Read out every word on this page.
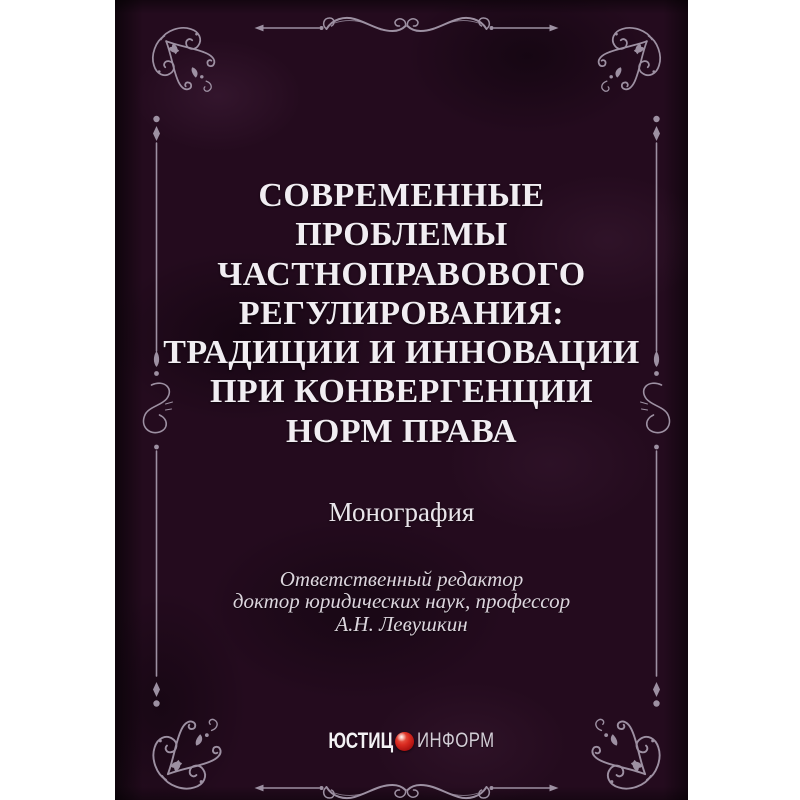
СОВРЕМЕННЫЕ
ПРОБЛЕМЫ
ЧАСТНОПРАВОВОГО
РЕГУЛИРОВАНИЯ:
ТРАДИЦИИ И ИННОВАЦИИ
ПРИ КОНВЕРГЕНЦИИ
НОРМ ПРАВА
Монография
Ответственный редактор
доктор юридических наук, профессор
А.Н. Левушкин
ЮСТИЦ ИНФОРМ
